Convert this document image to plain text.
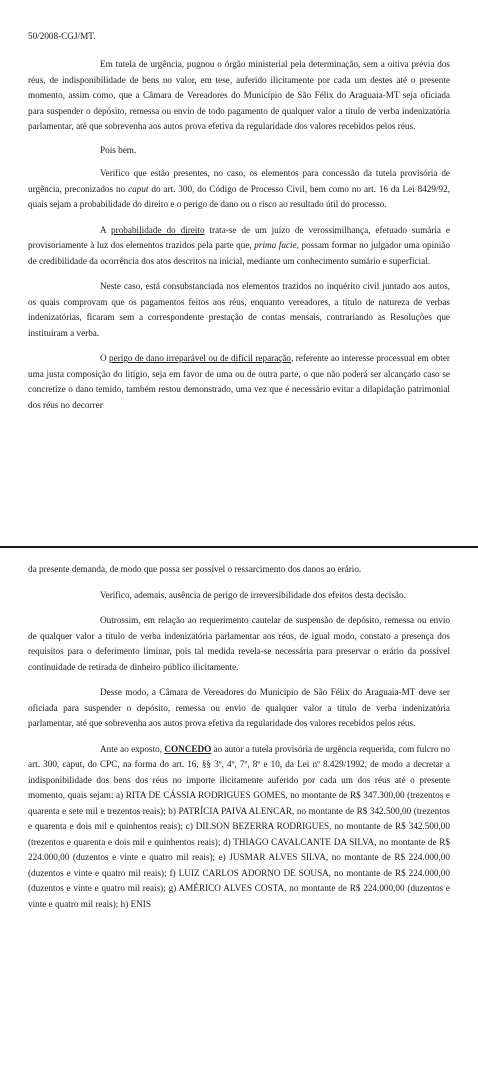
50/2008-CGJ/MT.

Em tutela de urgência, pugnou o órgão ministerial pela determinação, sem a oitiva prévia dos réus, de indisponibilidade de bens no valor, em tese, auferido ilicitamente por cada um destes até o presente momento, assim como, que a Câmara de Vereadores do Município de São Félix do Araguaia-MT seja oficiada para suspender o depósito, remessa ou envio de todo pagamento de qualquer valor a título de verba indenizatória parlamentar, até que sobrevenha aos autos prova efetiva da regularidade dos valores recebidos pelos réus.

Pois bem.

Verifico que estão presentes, no caso, os elementos para concessão da tutela provisória de urgência, preconizados no caput do art. 300, do Código de Processo Civil, bem como no art. 16 da Lei 8429/92, quais sejam a probabilidade do direito e o perigo de dano ou o risco ao resultado útil do processo.

A probabilidade do direito trata-se de um juízo de verossimilhança, efetuado sumária e provisoriamente à luz dos elementos trazidos pela parte que, prima facie, possam formar no julgador uma opinião de credibilidade da ocorrência dos atos descritos na inicial, mediante um conhecimento sumário e superficial.

Neste caso, está consubstanciada nos elementos trazidos no inquérito civil juntado aos autos, os quais comprovam que os pagamentos feitos aos réus, enquanto vereadores, a título de natureza de verbas indenizatórias, ficaram sem a correspondente prestação de contas mensais, contrariando as Resoluções que instituíram a verba.

O perigo de dano irreparável ou de difícil reparação, referente ao interesse processual em obter uma justa composição do litígio, seja em favor de uma ou de outra parte, o que não poderá ser alcançado caso se concretize o dano temido, também restou demonstrado, uma vez que é necessário evitar a dilapidação patrimonial dos réus no decorrer

da presente demanda, de modo que possa ser possível o ressarcimento dos danos ao erário.

Verifico, ademais, ausência de perigo de irreversibilidade dos efeitos desta decisão.

Outrossim, em relação ao requerimento cautelar de suspensão de depósito, remessa ou envio de qualquer valor a título de verba indenizatória parlamentar aos réus, de igual modo, constato a presença dos requisitos para o deferimento liminar, pois tal medida revela-se necessária para preservar o erário da possível continuidade de retirada de dinheiro público ilicitamente.

Desse modo, a Câmara de Vereadores do Município de São Félix do Araguaia-MT deve ser oficiada para suspender o depósito, remessa ou envio de qualquer valor a título de verba indenizatória parlamentar, até que sobrevenha aos autos prova efetiva da regularidade dos valores recebidos pelos réus.

Ante ao exposto, CONCEDO ao autor a tutela provisória de urgência requerida, com fulcro no art. 300, caput, do CPC, na forma do art. 16, §§ 3º, 4º, 7º, 8º e 10, da Lei nº 8.429/1992, de modo a decretar a indisponibilidade dos bens dos réus no importe ilicitamente auferido por cada um dos réus até o presente momento, quais sejam: a) RITA DE CÁSSIA RODRIGUES GOMES, no montante de R$ 347.300,00 (trezentos e quarenta e sete mil e trezentos reais); b) PATRÍCIA PAIVA ALENCAR, no montante de R$ 342.500,00 (trezentos e quarenta e dois mil e quinhentos reais); c) DILSON BEZERRA RODRIGUES, no montante de R$ 342.500,00 (trezentos e quarenta e dois mil e quinhentos reais); d) THIAGO CAVALCANTE DA SILVA, no montante de R$ 224.000,00 (duzentos e vinte e quatro mil reais); e) JUSMAR ALVES SILVA, no montante de R$ 224.000,00 (duzentos e vinte e quatro mil reais); f) LUIZ CARLOS ADORNO DE SOUSA, no montante de R$ 224.000,00 (duzentos e vinte e quatro mil reais); g) AMÉRICO ALVES COSTA, no montante de R$ 224.000,00 (duzentos e vinte e quatro mil reais); h) ENIS
